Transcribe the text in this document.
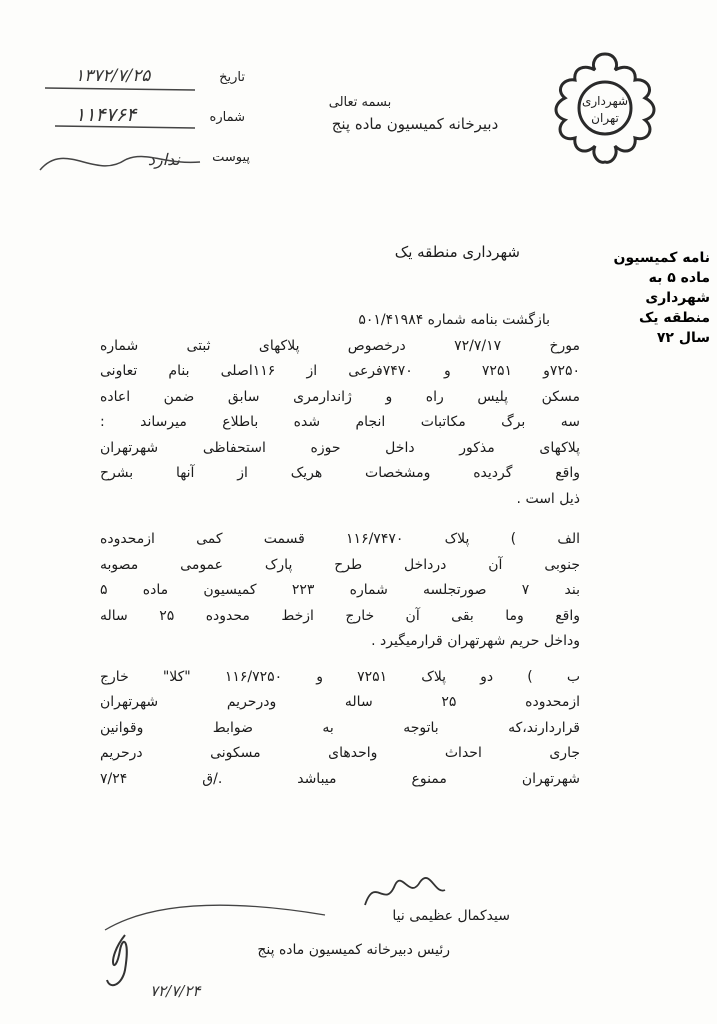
شهرداری
تهران
بسمه تعالی
دبیرخانه کمیسیون ماده پنج
تاریخ
۱۳۷۲/۷/۲۵
شماره
۱۱۴۷۶۴
پیوست
ندارد
شهرداری منطقه یک	نامه کمیسیون
ماده ۵ به
شهرداری
منطقه یک
سال ۷۲
بازگشت بنامه شماره ۵۰۱/۴۱۹۸۴
مورخ ۷۲/۷/۱۷ درخصوص پلاکهای ثبتی شماره
۷۲۵۰و ۷۲۵۱ و ۷۴۷۰فرعی از ۱۱۶اصلی بنام تعاونی
مسکن پلیس راه و ژاندارمری سابق ضمن اعاده
سه برگ مکاتبات انجام شده باطلاع میرساند :
پلاکهای مذکور داخل حوزه استحفاظی شهرتهران
واقع گردیده ومشخصات هریک از آنها بشرح
ذیل است .
الف ) پلاک ۱۱۶/۷۴۷۰ قسمت کمی ازمحدوده
جنوبی آن درداخل طرح پارک عمومی مصوبه
بند ۷ صورتجلسه شماره ۲۲۳ کمیسیون ماده ۵
واقع وما بقی آن خارج ازخط محدوده ۲۵ ساله
وداخل حریم شهرتهران قرارمیگیرد .
ب ) دو پلاک ۷۲۵۱ و ۱۱۶/۷۲۵۰ "کلا" خارج
ازمحدوده ۲۵ ساله ودرحریم شهرتهران
قراردارند،که باتوجه به ضوابط وقوانین
جاری احداث واحدهای مسکونی درحریم
شهرتهران ممنوع میباشد ./ق ۷/۲۴
سیدکمال عظیمی نیا
رئیس دبیرخانه کمیسیون ماده پنج
۷۲/۷/۲۴
